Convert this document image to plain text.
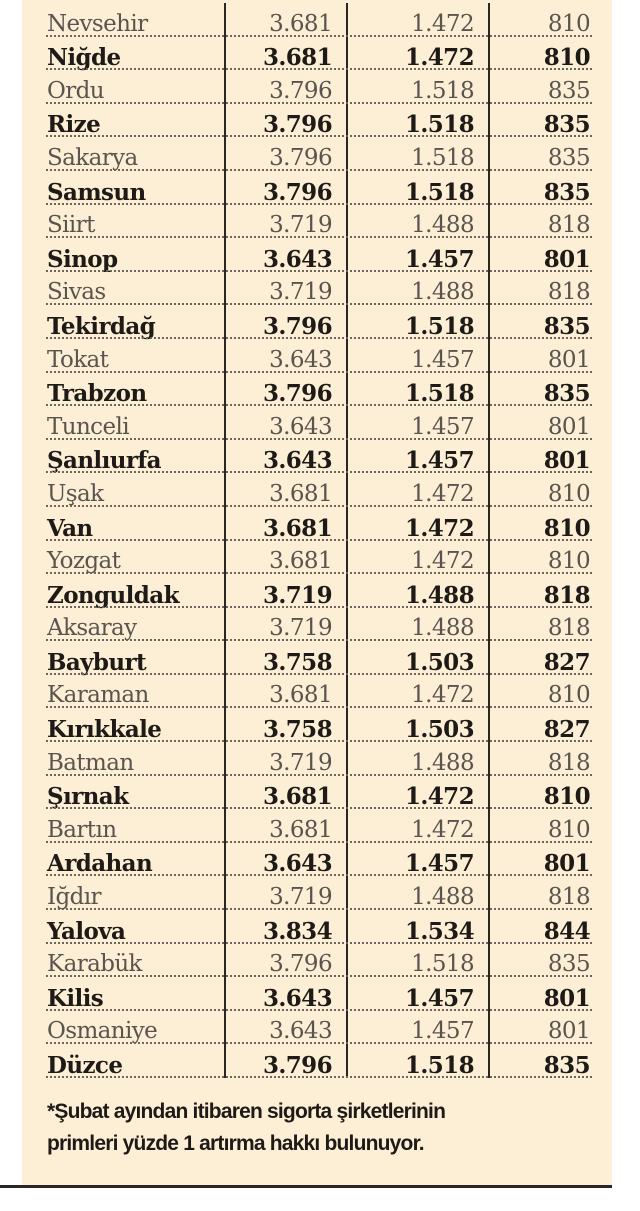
Nevsehir	3.681	1.472	810
Niğde	3.681	1.472	810
Ordu	3.796	1.518	835
Rize	3.796	1.518	835
Sakarya	3.796	1.518	835
Samsun	3.796	1.518	835
Siirt	3.719	1.488	818
Sinop	3.643	1.457	801
Sivas	3.719	1.488	818
Tekirdağ	3.796	1.518	835
Tokat	3.643	1.457	801
Trabzon	3.796	1.518	835
Tunceli	3.643	1.457	801
Şanlıurfa	3.643	1.457	801
Uşak	3.681	1.472	810
Van	3.681	1.472	810
Yozgat	3.681	1.472	810
Zonguldak	3.719	1.488	818
Aksaray	3.719	1.488	818
Bayburt	3.758	1.503	827
Karaman	3.681	1.472	810
Kırıkkale	3.758	1.503	827
Batman	3.719	1.488	818
Şırnak	3.681	1.472	810
Bartın	3.681	1.472	810
Ardahan	3.643	1.457	801
Iğdır	3.719	1.488	818
Yalova	3.834	1.534	844
Karabük	3.796	1.518	835
Kilis	3.643	1.457	801
Osmaniye	3.643	1.457	801
Düzce	3.796	1.518	835
*Şubat ayından itibaren sigorta şirketlerinin
primleri yüzde 1 artırma hakkı bulunuyor.
